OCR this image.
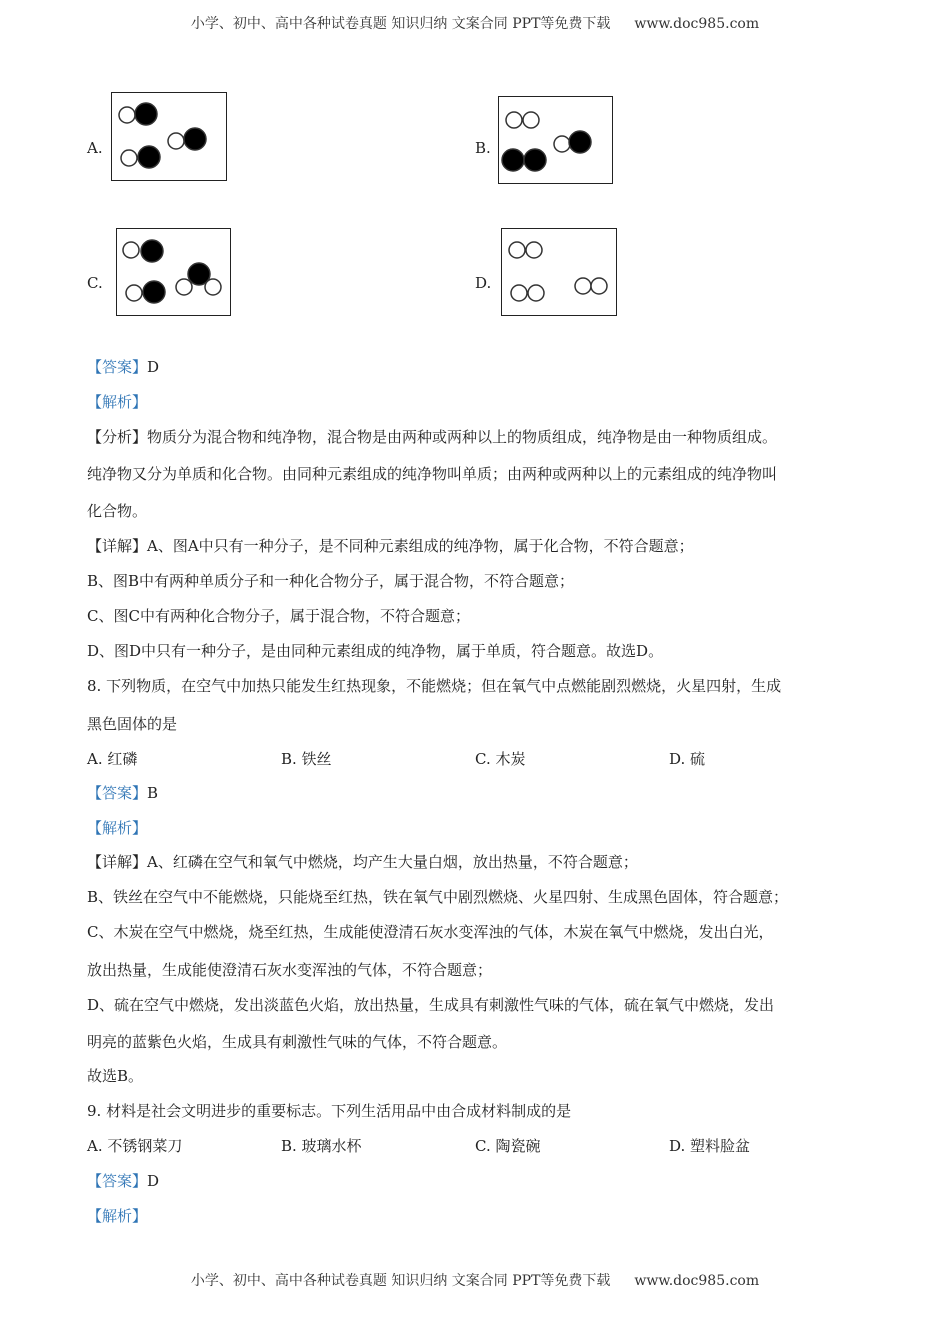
小学、初中、高中各种试卷真题 知识归纳 文案合同 PPT等免费下载 www.doc985.com
A.	B.
C.	D.
【答案】D
【解析】
【分析】物质分为混合物和纯净物，混合物是由两种或两种以上的物质组成，纯净物是由一种物质组成。
纯净物又分为单质和化合物。由同种元素组成的纯净物叫单质；由两种或两种以上的元素组成的纯净物叫
化合物。
【详解】A、图A中只有一种分子，是不同种元素组成的纯净物，属于化合物，不符合题意；
B、图B中有两种单质分子和一种化合物分子，属于混合物，不符合题意；
C、图C中有两种化合物分子，属于混合物，不符合题意；
D、图D中只有一种分子，是由同种元素组成的纯净物，属于单质，符合题意。故选D。
8. 下列物质，在空气中加热只能发生红热现象，不能燃烧；但在氧气中点燃能剧烈燃烧，火星四射，生成
黑色固体的是
A. 红磷	B. 铁丝	C. 木炭	D. 硫
【答案】B
【解析】
【详解】A、红磷在空气和氧气中燃烧，均产生大量白烟，放出热量，不符合题意；
B、铁丝在空气中不能燃烧，只能烧至红热，铁在氧气中剧烈燃烧、火星四射、生成黑色固体，符合题意；
C、木炭在空气中燃烧，烧至红热，生成能使澄清石灰水变浑浊的气体，木炭在氧气中燃烧，发出白光，
放出热量，生成能使澄清石灰水变浑浊的气体，不符合题意；
D、硫在空气中燃烧，发出淡蓝色火焰，放出热量，生成具有刺激性气味的气体，硫在氧气中燃烧，发出
明亮的蓝紫色火焰，生成具有刺激性气味的气体，不符合题意。
故选B。
9. 材料是社会文明进步的重要标志。下列生活用品中由合成材料制成的是
A. 不锈钢菜刀	B. 玻璃水杯	C. 陶瓷碗	D. 塑料脸盆
【答案】D
【解析】
小学、初中、高中各种试卷真题 知识归纳 文案合同 PPT等免费下载 www.doc985.com
